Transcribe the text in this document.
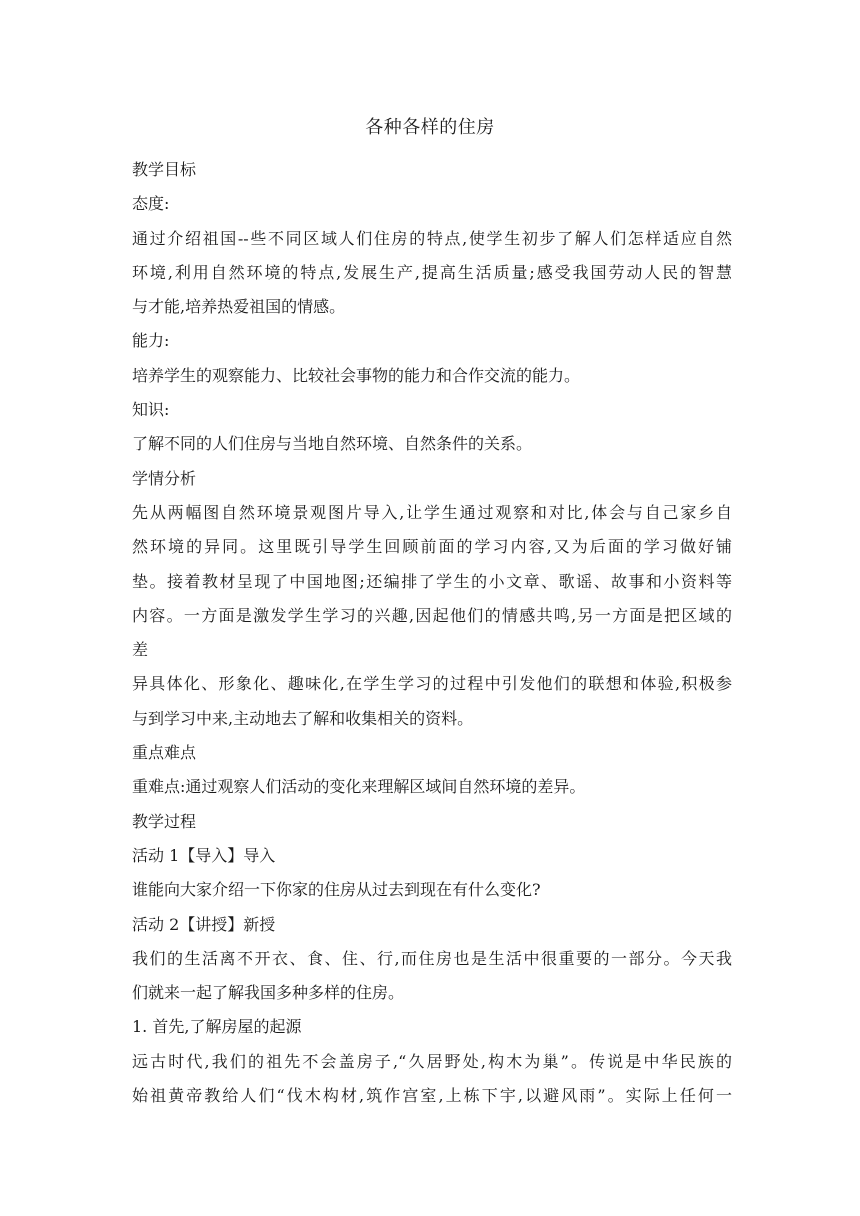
各种各样的住房
教学目标
态度:
通过介绍祖国--些不同区域人们住房的特点,使学生初步了解人们怎样适应自然
环境,利用自然环境的特点,发展生产,提高生活质量;感受我国劳动人民的智慧
与才能,培养热爱祖国的情感。
能力:
培养学生的观察能力、比较社会事物的能力和合作交流的能力。
知识:
了解不同的人们住房与当地自然环境、自然条件的关系。
学情分析
先从两幅图自然环境景观图片导入,让学生通过观察和对比,体会与自己家乡自
然环境的异同。这里既引导学生回顾前面的学习内容,又为后面的学习做好铺
垫。接着教材呈现了中国地图;还编排了学生的小文章、歌谣、故事和小资料等
内容。一方面是激发学生学习的兴趣,因起他们的情感共鸣,另一方面是把区域的
差
异具体化、形象化、趣味化,在学生学习的过程中引发他们的联想和体验,积极参
与到学习中来,主动地去了解和收集相关的资料。
重点难点
重难点:通过观察人们活动的变化来理解区域间自然环境的差异。
教学过程
活动 1【导入】导入
谁能向大家介绍一下你家的住房从过去到现在有什么变化?
活动 2【讲授】新授
我们的生活离不开衣、食、住、行,而住房也是生活中很重要的一部分。今天我
们就来一起了解我国多种多样的住房。
1. 首先,了解房屋的起源
远古时代,我们的祖先不会盖房子,“久居野处,构木为巢”。传说是中华民族的
始祖黄帝教给人们“伐木构材,筑作宫室,上栋下宇,以避风雨”。实际上任何一
